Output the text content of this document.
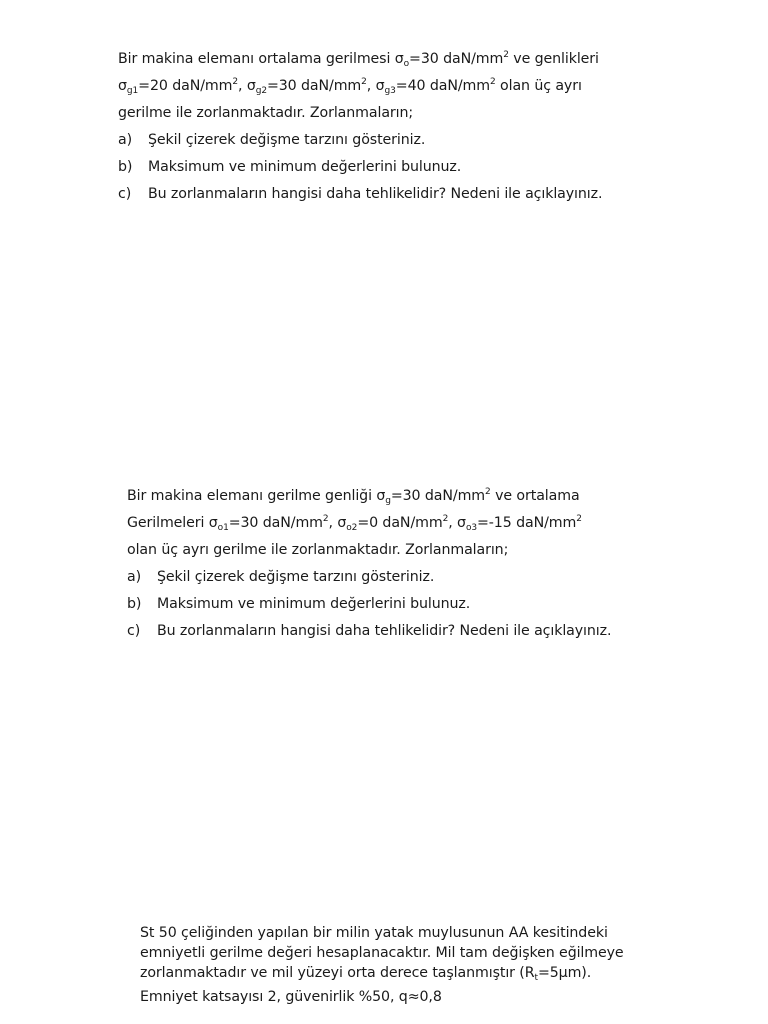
Bir makina elemanı ortalama gerilmesi $\sigma_o=30$ daN/$mm^2$ ve genlikleri
$\sigma_{g1}=20$ daN/$mm^2$, $\sigma_{g2}=30$ daN/$mm^2$, $\sigma_{g3}=40$ daN/$mm^2$ olan üç ayrı
gerilme ile zorlanmaktadır. Zorlanmaların;
a) Şekil çizerek değişme tarzını gösteriniz.
b) Maksimum ve minimum değerlerini bulunuz.
c) Bu zorlanmaların hangisi daha tehlikelidir? Nedeni ile açıklayınız.
Bir makina elemanı gerilme genliği $\sigma_g=30$ daN/$mm^2$ ve ortalama
Gerilmeleri $\sigma_{o1}=30$ daN/$mm^2$, $\sigma_{o2}=0$ daN/$mm^2$, $\sigma_{o3}=-15$ daN/$mm^2$
olan üç ayrı gerilme ile zorlanmaktadır. Zorlanmaların;
a) Şekil çizerek değişme tarzını gösteriniz.
b) Maksimum ve minimum değerlerini bulunuz.
c) Bu zorlanmaların hangisi daha tehlikelidir? Nedeni ile açıklayınız.
St 50 çeliğinden yapılan bir milin yatak muylusunun AA kesitindeki
emniyetli gerilme değeri hesaplanacaktır. Mil tam değişken eğilmeye
zorlanmaktadır ve mil yüzeyi orta derece taşlanmıştır $(R_t=5\mu m)$.
Emniyet katsayısı 2, güvenirlik %50, q≈0,8
